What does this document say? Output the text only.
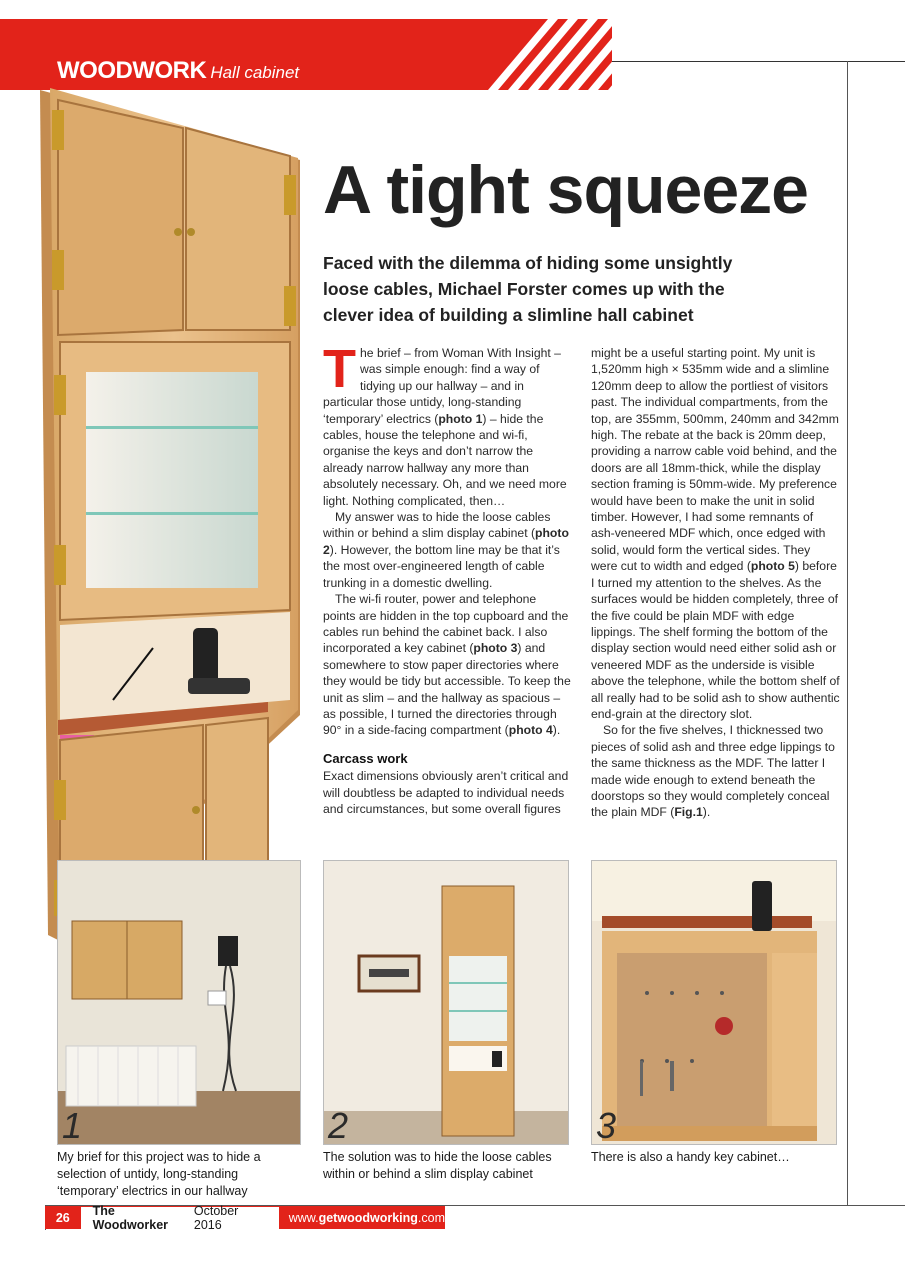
WOODWORK Hall cabinet
A tight squeeze
Faced with the dilemma of hiding some unsightly loose cables, Michael Forster comes up with the clever idea of building a slimline hall cabinet

The brief – from Woman With Insight – was simple enough: find a way of tidying up our hallway – and in particular those untidy, long-standing ‘temporary’ electrics (photo 1) – hide the cables, house the telephone and wi-fi, organise the keys and don’t narrow the already narrow hallway any more than absolutely necessary. Oh, and we need more light. Nothing complicated, then…

My answer was to hide the loose cables within or behind a slim display cabinet (photo 2). However, the bottom line may be that it’s the most over-engineered length of cable trunking in a domestic dwelling.

The wi-fi router, power and telephone points are hidden in the top cupboard and the cables run behind the cabinet back. I also incorporated a key cabinet (photo 3) and somewhere to stow paper directories where they would be tidy but accessible. To keep the unit as slim – and the hallway as spacious – as possible, I turned the directories through 90° in a side-facing compartment (photo 4).

Carcass work

Exact dimensions obviously aren’t critical and will doubtless be adapted to individual needs and circumstances, but some overall figures

might be a useful starting point. My unit is 1,520mm high × 535mm wide and a slimline 120mm deep to allow the portliest of visitors past. The individual compartments, from the top, are 355mm, 500mm, 240mm and 342mm high. The rebate at the back is 20mm deep, providing a narrow cable void behind, and the doors are all 18mm-thick, while the display section framing is 50mm-wide. My preference would have been to make the unit in solid timber. However, I had some remnants of ash-veneered MDF which, once edged with solid, would form the vertical sides. They were cut to width and edged (photo 5) before I turned my attention to the shelves. As the surfaces would be hidden completely, three of the five could be plain MDF with edge lippings. The shelf forming the bottom of the display section would need either solid ash or veneered MDF as the underside is visible above the telephone, while the bottom shelf of all really had to be solid ash to show authentic end-grain at the directory slot.

So for the five shelves, I thicknessed two pieces of solid ash and three edge lippings to the same thickness as the MDF. The latter I made wide enough to extend beneath the doorstops so they would completely conceal the plain MDF (Fig.1).

1	2	3
My brief for this project was to hide a selection of untidy, long-standing ‘temporary’ electrics in our hallway
The solution was to hide the loose cables within or behind a slim display cabinet
There is also a handy key cabinet…
26	The Woodworker
October 2016	www.getwoodworking.com
